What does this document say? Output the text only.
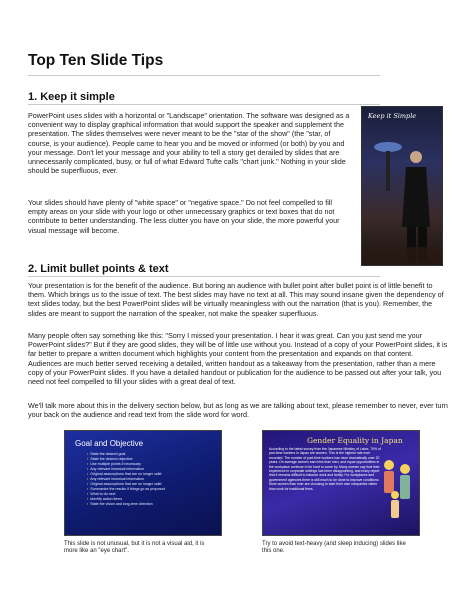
Top Ten Slide Tips
1. Keep it simple

PowerPoint uses slides with a horizontal or "Landscape" orientation. The software was designed as a convenient way to display graphical information that would support the speaker and supplement the presentation. The slides themselves were never meant to be the "star of the show" (the "star, of course, is your audience). People came to hear you and be moved or informed (or both) by you and your message. Don't let your message and your ability to tell a story get derailed by slides that are unnecessarily complicated, busy, or full of what Edward Tufte calls "chart junk." Nothing in your slide should be superfluous, ever.

Your slides should have plenty of "white space" or "negative space." Do not feel compelled to fill empty areas on your slide with your logo or other unnecessary graphics or text boxes that do not contribute to better understanding. The less clutter you have on your slide, the more powerful your visual message will become.

Keep it Simple
2. Limit bullet points & text

Your presentation is for the benefit of the audience. But boring an audience with bullet point after bullet point is of little benefit to them. Which brings us to the issue of text. The best slides may have no text at all. This may sound insane given the dependency of text slides today, but the best PowerPoint slides will be virtually meaningless with out the narration (that is you). Remember, the slides are meant to support the narration of the speaker, not make the speaker superfluous.

Many people often say something like this: "Sorry I missed your presentation. I hear it was great. Can you just send me your PowerPoint slides?" But if they are good slides, they will be of little use without you. Instead of a copy of your PowerPoint slides, it is far better to prepare a written document which highlights your content from the presentation and expands on that content. Audiences are much better served receiving a detailed, written handout as a takeaway from the presentation, rather than a mere copy of your PowerPoint slides. If you have a detailed handout or publication for the audience to be passed out after your talk, you need not feel compelled to fill your slides with a great deal of text.

We'll talk more about this in the delivery section below, but as long as we are talking about text, please remember to never, ever turn your back on the audience and read text from the slide word for word.

Goal and Objective
▪ State the desired goal
▪ State the desired objective
▪ Use multiple points if necessary
▪ Any relevant historical information
▪ Original assumptions that are no longer valid
▪ Any relevant historical information
▪ Original assumptions that are no longer valid
▪ Summarize the results if things go as proposed
▪ What to do next
▪ Identify action items
▪ State the vision and long-term direction

This slide is not unusual, but it is not a visual aid, it is more like an "eye chart".

Gender Equality in Japan

According to the latest survey from the Japanese Ministry of Labor, 70% of part-time workers in Japan are women. This is the highest rate ever recorded. The number of part-time workers has risen dramatically over 20 years. On average women earn less than men, and equal opportunities in the workplace continue to be hard to come by. Many women say that their experience in corporate settings has been disappointing, and many report that it remains difficult to balance work and family. For workplaces and government agencies there is still much to be done to improve conditions. More women than ever are choosing to start their own companies rather than work for traditional firms.

Try to avoid text-heavy (and sleep inducing) slides like this one.
